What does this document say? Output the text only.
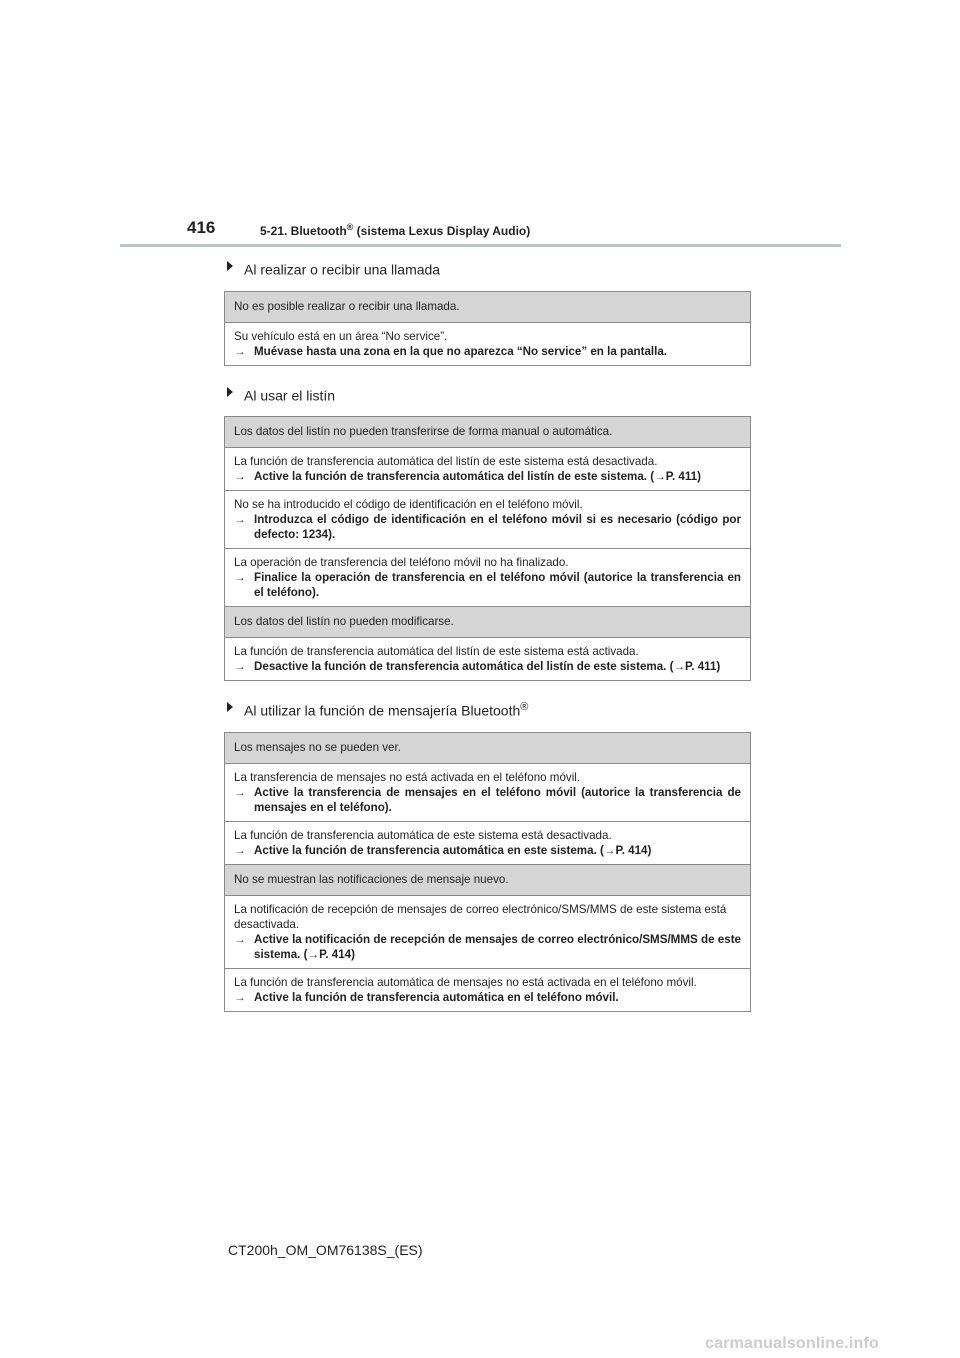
416	5-21. Bluetooth® (sistema Lexus Display Audio)
Al realizar o recibir una llamada
No es posible realizar o recibir una llamada.

Su vehículo está en un área “No service”.
→ Muévase hasta una zona en la que no aparezca “No service” en la pantalla.
Al usar el listín
Los datos del listín no pueden transferirse de forma manual o automática.

La función de transferencia automática del listín de este sistema está desactivada.
→ Active la función de transferencia automática del listín de este sistema. (→P. 411)

No se ha introducido el código de identificación en el teléfono móvil.
→ Introduzca el código de identificación en el teléfono móvil si es necesario (código por defecto: 1234).

La operación de transferencia del teléfono móvil no ha finalizado.
→ Finalice la operación de transferencia en el teléfono móvil (autorice la transferencia en el teléfono).

Los datos del listín no pueden modificarse.

La función de transferencia automática del listín de este sistema está activada.
→ Desactive la función de transferencia automática del listín de este sistema. (→P. 411)
Al utilizar la función de mensajería Bluetooth®
Los mensajes no se pueden ver.

La transferencia de mensajes no está activada en el teléfono móvil.
→ Active la transferencia de mensajes en el teléfono móvil (autorice la transferencia de mensajes en el teléfono).

La función de transferencia automática de este sistema está desactivada.
→ Active la función de transferencia automática en este sistema. (→P. 414)

No se muestran las notificaciones de mensaje nuevo.

La notificación de recepción de mensajes de correo electrónico/SMS/MMS de este sistema está desactivada.
→ Active la notificación de recepción de mensajes de correo electrónico/SMS/MMS de este sistema. (→P. 414)

La función de transferencia automática de mensajes no está activada en el teléfono móvil.
→ Active la función de transferencia automática en el teléfono móvil.
CT200h_OM_OM76138S_(ES)
carmanualsonline.info
